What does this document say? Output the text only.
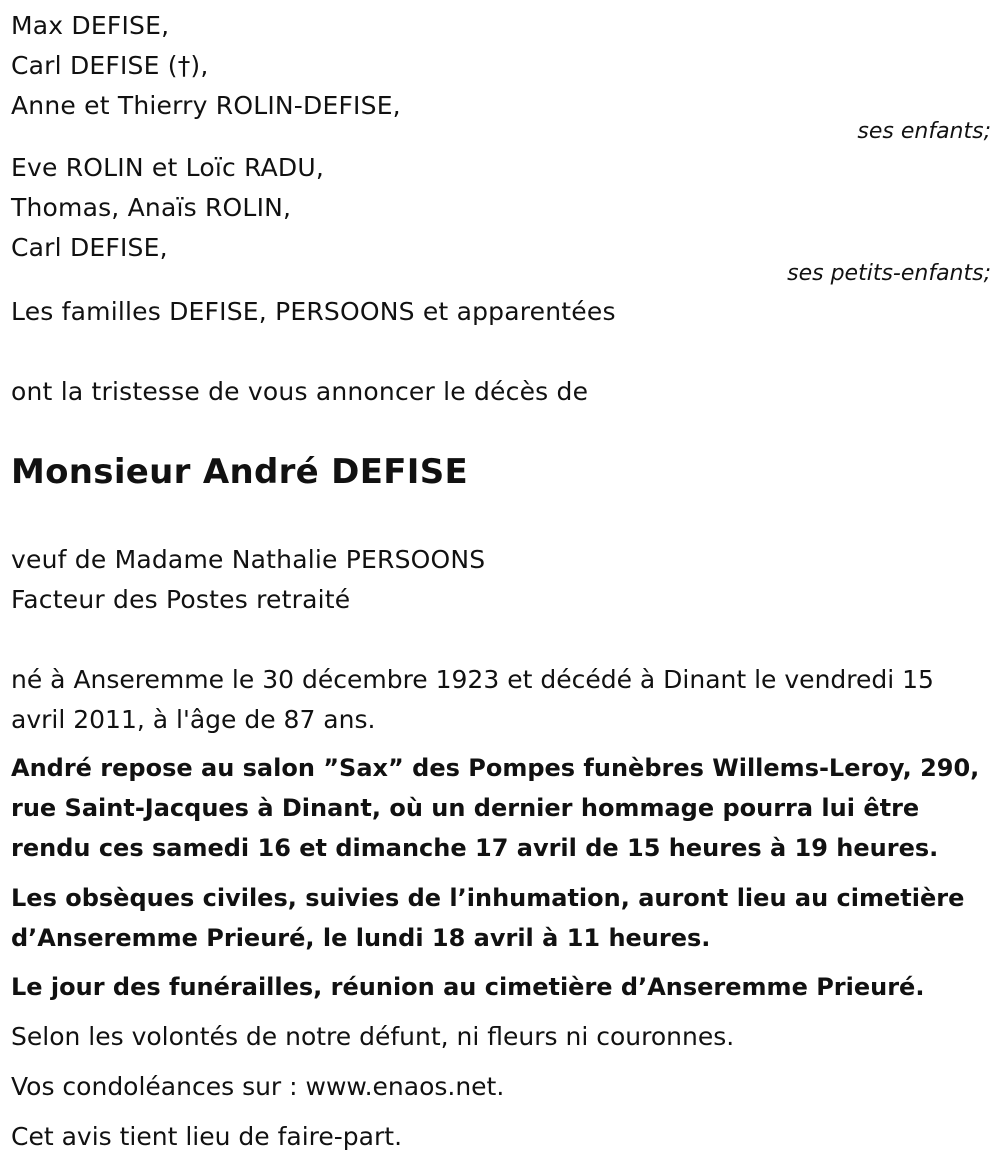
Max DEFISE,
Carl DEFISE (†),
Anne et Thierry ROLIN-DEFISE,
ses enfants;
Eve ROLIN et Loïc RADU,
Thomas, Anaïs ROLIN,
Carl DEFISE,
ses petits-enfants;
Les familles DEFISE, PERSOONS et apparentées
ont la tristesse de vous annoncer le décès de
Monsieur André DEFISE
veuf de Madame Nathalie PERSOONS
Facteur des Postes retraité
né à Anseremme le 30 décembre 1923 et décédé à Dinant le vendredi 15 avril 2011, à l'âge de 87 ans.
André repose au salon ”Sax” des Pompes funèbres Willems-Leroy, 290, rue Saint-Jacques à Dinant, où un dernier hommage pourra lui être rendu ces samedi 16 et dimanche 17 avril de 15 heures à 19 heures.
Les obsèques civiles, suivies de l’inhumation, auront lieu au cimetière d’Anseremme Prieuré, le lundi 18 avril à 11 heures.
Le jour des funérailles, réunion au cimetière d’Anseremme Prieuré.
Selon les volontés de notre défunt, ni fleurs ni couronnes.
Vos condoléances sur : www.enaos.net.
Cet avis tient lieu de faire-part.
